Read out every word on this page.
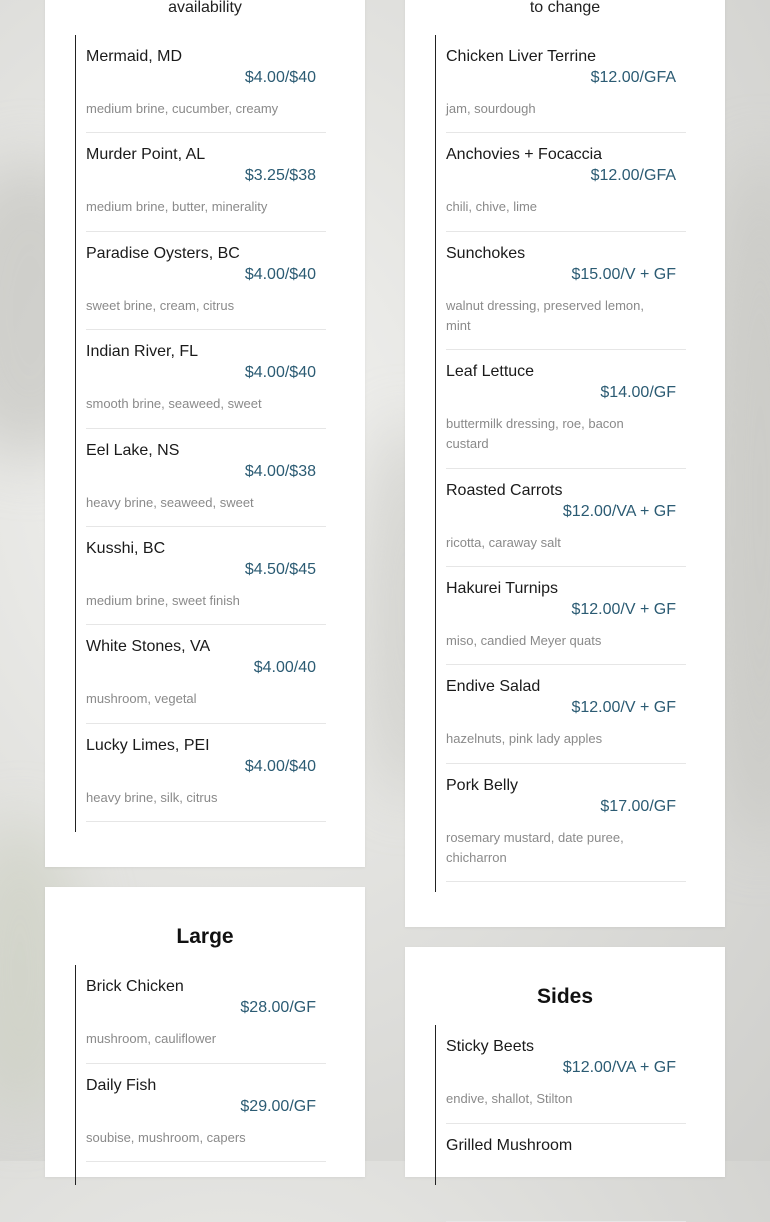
availability
Mermaid, MD
$4.00/$40
medium brine, cucumber, creamy
Murder Point, AL
$3.25/$38
medium brine, butter, minerality
Paradise Oysters, BC
$4.00/$40
sweet brine, cream, citrus
Indian River, FL
$4.00/$40
smooth brine, seaweed, sweet
Eel Lake, NS
$4.00/$38
heavy brine, seaweed, sweet
Kusshi, BC
$4.50/$45
medium brine, sweet finish
White Stones, VA
$4.00/40
mushroom, vegetal
Lucky Limes, PEI
$4.00/$40
heavy brine, silk, citrus
to change
Chicken Liver Terrine
$12.00/GFA
jam, sourdough
Anchovies + Focaccia
$12.00/GFA
chili, chive, lime
Sunchokes
$15.00/V + GF
walnut dressing, preserved lemon, mint
Leaf Lettuce
$14.00/GF
buttermilk dressing, roe, bacon custard
Roasted Carrots
$12.00/VA + GF
ricotta, caraway salt
Hakurei Turnips
$12.00/V + GF
miso, candied Meyer quats
Endive Salad
$12.00/V + GF
hazelnuts, pink lady apples
Pork Belly
$17.00/GF
rosemary mustard, date puree, chicharron
Large
Brick Chicken
$28.00/GF
mushroom, cauliflower
Daily Fish
$29.00/GF
soubise, mushroom, capers
Sides
Sticky Beets
$12.00/VA + GF
endive, shallot, Stilton
Grilled Mushroom
